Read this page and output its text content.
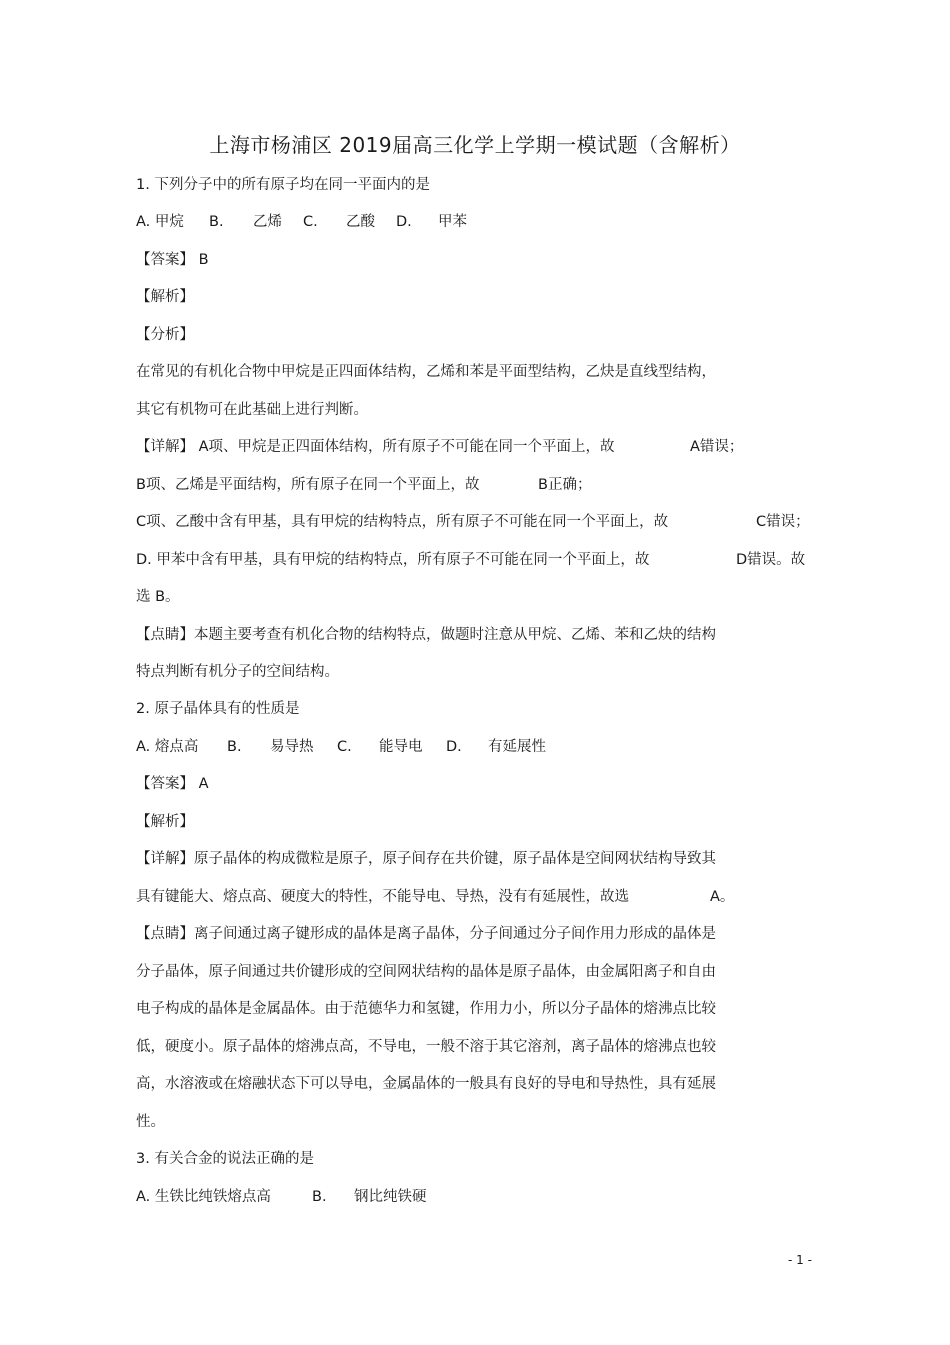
上海市杨浦区 2019届高三化学上学期一模试题（含解析）
1. 下列分子中的所有原子均在同一平面内的是
A. 甲烷 B. 乙烯 C. 乙酸 D. 甲苯
【答案】 B
【解析】
【分析】
在常见的有机化合物中甲烷是正四面体结构，乙烯和苯是平面型结构，乙炔是直线型结构，
其它有机物可在此基础上进行判断。
【详解】 A项、甲烷是正四面体结构，所有原子不可能在同一个平面上，故	A错误；
B项、乙烯是平面结构，所有原子在同一个平面上，故	B正确；
C项、乙酸中含有甲基，具有甲烷的结构特点，所有原子不可能在同一个平面上，故	C错误；
D. 甲苯中含有甲基，具有甲烷的结构特点，所有原子不可能在同一个平面上，故	D错误。故
选 B。
【点睛】本题主要考查有机化合物的结构特点，做题时注意从甲烷、乙烯、苯和乙炔的结构
特点判断有机分子的空间结构。
2. 原子晶体具有的性质是
A. 熔点高 B. 易导热 C. 能导电 D. 有延展性
【答案】 A
【解析】
【详解】原子晶体的构成微粒是原子，原子间存在共价键，原子晶体是空间网状结构导致其
具有键能大、熔点高、硬度大的特性，不能导电、导热，没有有延展性，故选	A。
【点睛】离子间通过离子键形成的晶体是离子晶体，分子间通过分子间作用力形成的晶体是
分子晶体，原子间通过共价键形成的空间网状结构的晶体是原子晶体，由金属阳离子和自由
电子构成的晶体是金属晶体。由于范德华力和氢键，作用力小，所以分子晶体的熔沸点比较
低，硬度小。原子晶体的熔沸点高，不导电，一般不溶于其它溶剂，离子晶体的熔沸点也较
高，水溶液或在熔融状态下可以导电，金属晶体的一般具有良好的导电和导热性，具有延展
性。
3. 有关合金的说法正确的是
A. 生铁比纯铁熔点高	B. 钢比纯铁硬
- 1 -
